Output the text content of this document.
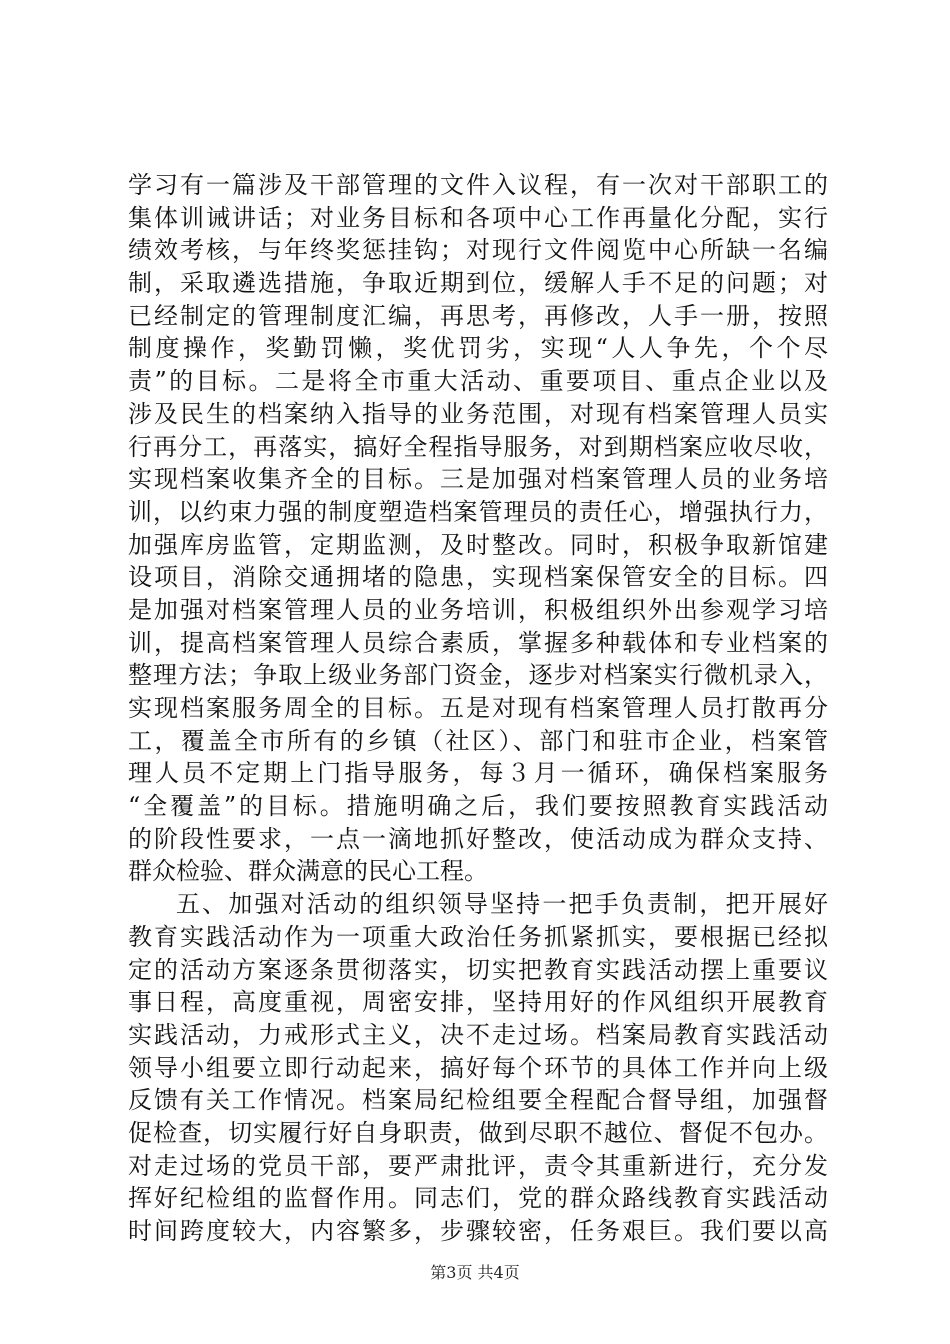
学习有一篇涉及干部管理的文件入议程，有一次对干部职工的
集体训诫讲话；对业务目标和各项中心工作再量化分配，实行
绩效考核，与年终奖惩挂钩；对现行文件阅览中心所缺一名编
制，采取遴选措施，争取近期到位，缓解人手不足的问题；对
已经制定的管理制度汇编，再思考，再修改，人手一册，按照
制度操作，奖勤罚懒，奖优罚劣，实现“人人争先，个个尽
责”的目标。二是将全市重大活动、重要项目、重点企业以及
涉及民生的档案纳入指导的业务范围，对现有档案管理人员实
行再分工，再落实，搞好全程指导服务，对到期档案应收尽收，
实现档案收集齐全的目标。三是加强对档案管理人员的业务培
训，以约束力强的制度塑造档案管理员的责任心，增强执行力，
加强库房监管，定期监测，及时整改。同时，积极争取新馆建
设项目，消除交通拥堵的隐患，实现档案保管安全的目标。四
是加强对档案管理人员的业务培训，积极组织外出参观学习培
训，提高档案管理人员综合素质，掌握多种载体和专业档案的
整理方法；争取上级业务部门资金，逐步对档案实行微机录入，
实现档案服务周全的目标。五是对现有档案管理人员打散再分
工，覆盖全市所有的乡镇（社区）、部门和驻市企业，档案管
理人员不定期上门指导服务，每３月一循环，确保档案服务
“全覆盖”的目标。措施明确之后，我们要按照教育实践活动
的阶段性要求，一点一滴地抓好整改，使活动成为群众支持、
群众检验、群众满意的民心工程。
五、加强对活动的组织领导坚持一把手负责制，把开展好
教育实践活动作为一项重大政治任务抓紧抓实，要根据已经拟
定的活动方案逐条贯彻落实，切实把教育实践活动摆上重要议
事日程，高度重视，周密安排，坚持用好的作风组织开展教育
实践活动，力戒形式主义，决不走过场。档案局教育实践活动
领导小组要立即行动起来，搞好每个环节的具体工作并向上级
反馈有关工作情况。档案局纪检组要全程配合督导组，加强督
促检查，切实履行好自身职责，做到尽职不越位、督促不包办。
对走过场的党员干部，要严肃批评，责令其重新进行，充分发
挥好纪检组的监督作用。同志们，党的群众路线教育实践活动
时间跨度较大，内容繁多，步骤较密，任务艰巨。我们要以高
第3页 共4页
